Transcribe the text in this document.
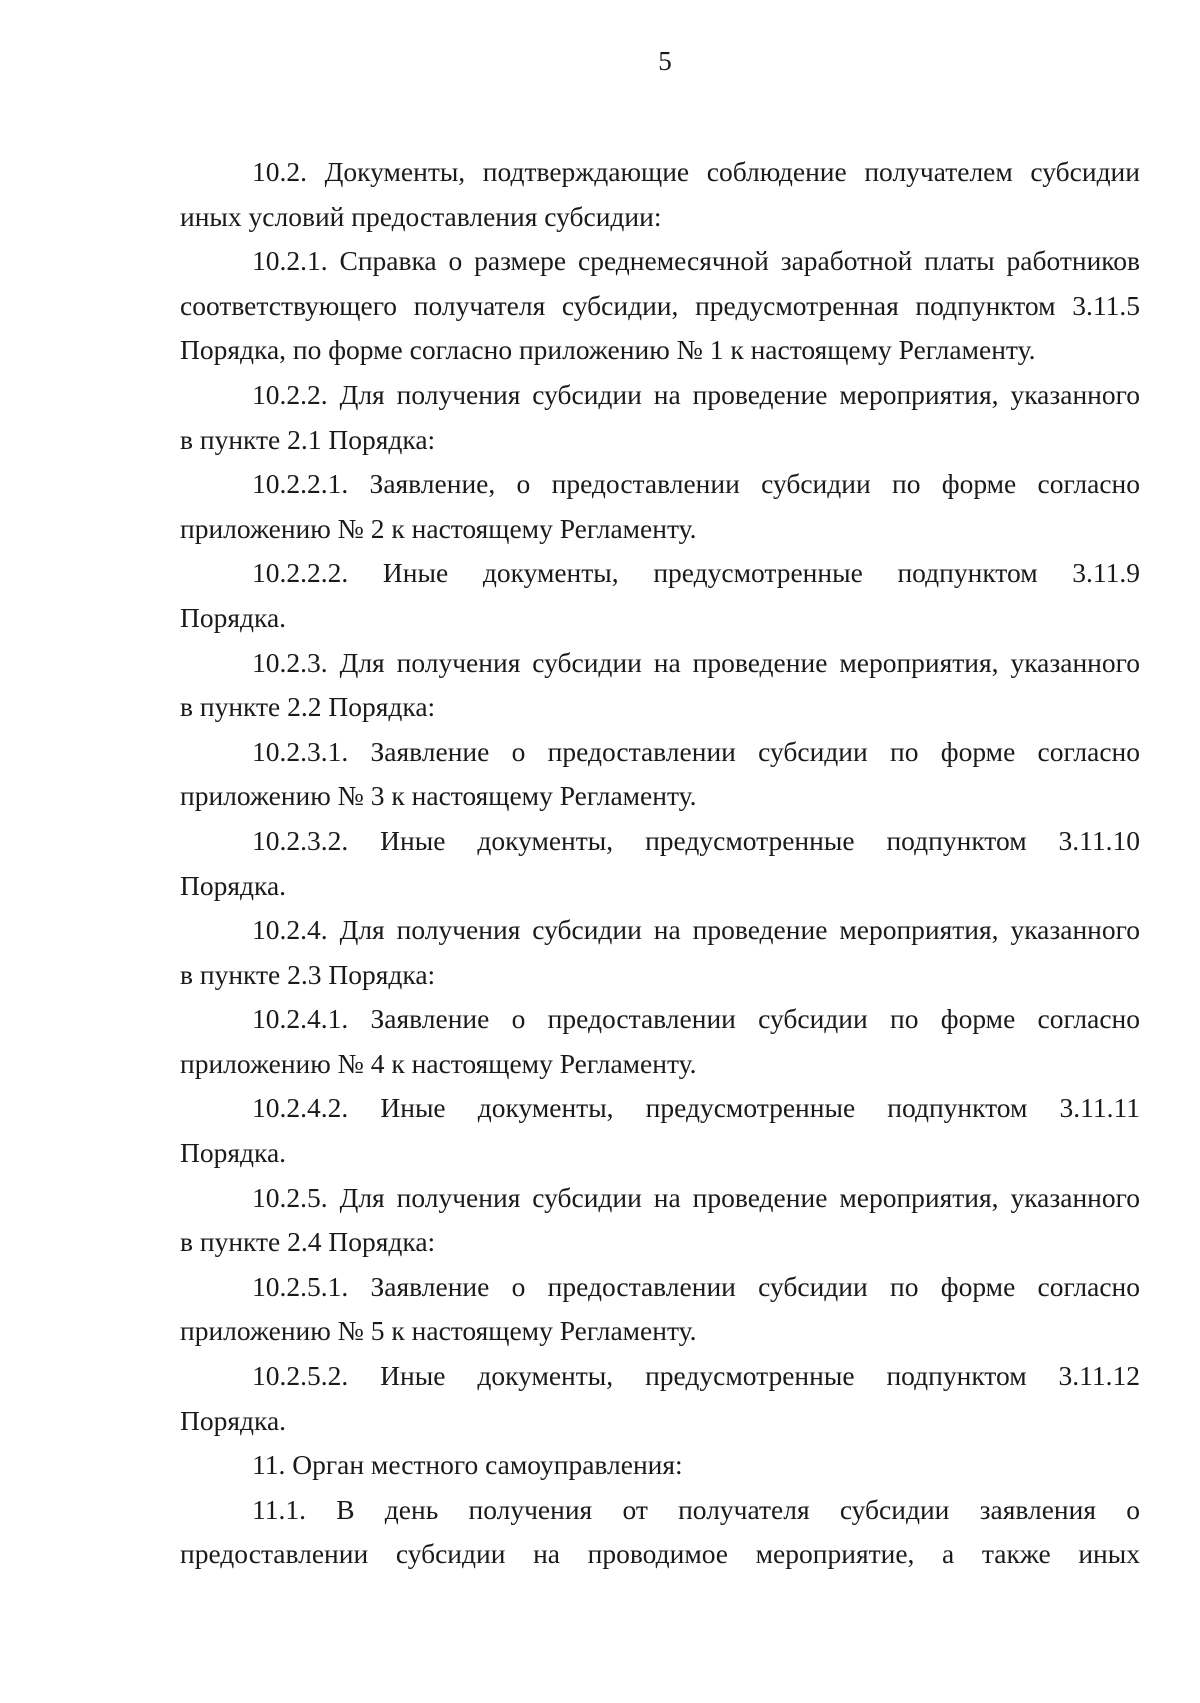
5

10.2. Документы, подтверждающие соблюдение получателем субсидии
иных условий предоставления субсидии:

10.2.1. Справка о размере среднемесячной заработной платы работников
соответствующего получателя субсидии, предусмотренная подпунктом 3.11.5 Порядка, по форме согласно приложению № 1 к настоящему Регламенту.

10.2.2. Для получения субсидии на проведение мероприятия, указанного
в пункте 2.1 Порядка:

10.2.2.1. Заявление, о предоставлении субсидии по форме согласно
приложению № 2 к настоящему Регламенту.

10.2.2.2. Иные документы, предусмотренные подпунктом 3.11.9
Порядка.

10.2.3. Для получения субсидии на проведение мероприятия, указанного
в пункте 2.2 Порядка:

10.2.3.1. Заявление о предоставлении субсидии по форме согласно
приложению № 3 к настоящему Регламенту.

10.2.3.2. Иные документы, предусмотренные подпунктом 3.11.10
Порядка.

10.2.4. Для получения субсидии на проведение мероприятия, указанного
в пункте 2.3 Порядка:

10.2.4.1. Заявление о предоставлении субсидии по форме согласно
приложению № 4 к настоящему Регламенту.

10.2.4.2. Иные документы, предусмотренные подпунктом 3.11.11
Порядка.

10.2.5. Для получения субсидии на проведение мероприятия, указанного
в пункте 2.4 Порядка:

10.2.5.1. Заявление о предоставлении субсидии по форме согласно
приложению № 5 к настоящему Регламенту.

10.2.5.2. Иные документы, предусмотренные подпунктом 3.11.12
Порядка.

11. Орган местного самоуправления:

11.1. В день получения от получателя субсидии заявления о
предоставлении субсидии на проводимое мероприятие, а также иных
